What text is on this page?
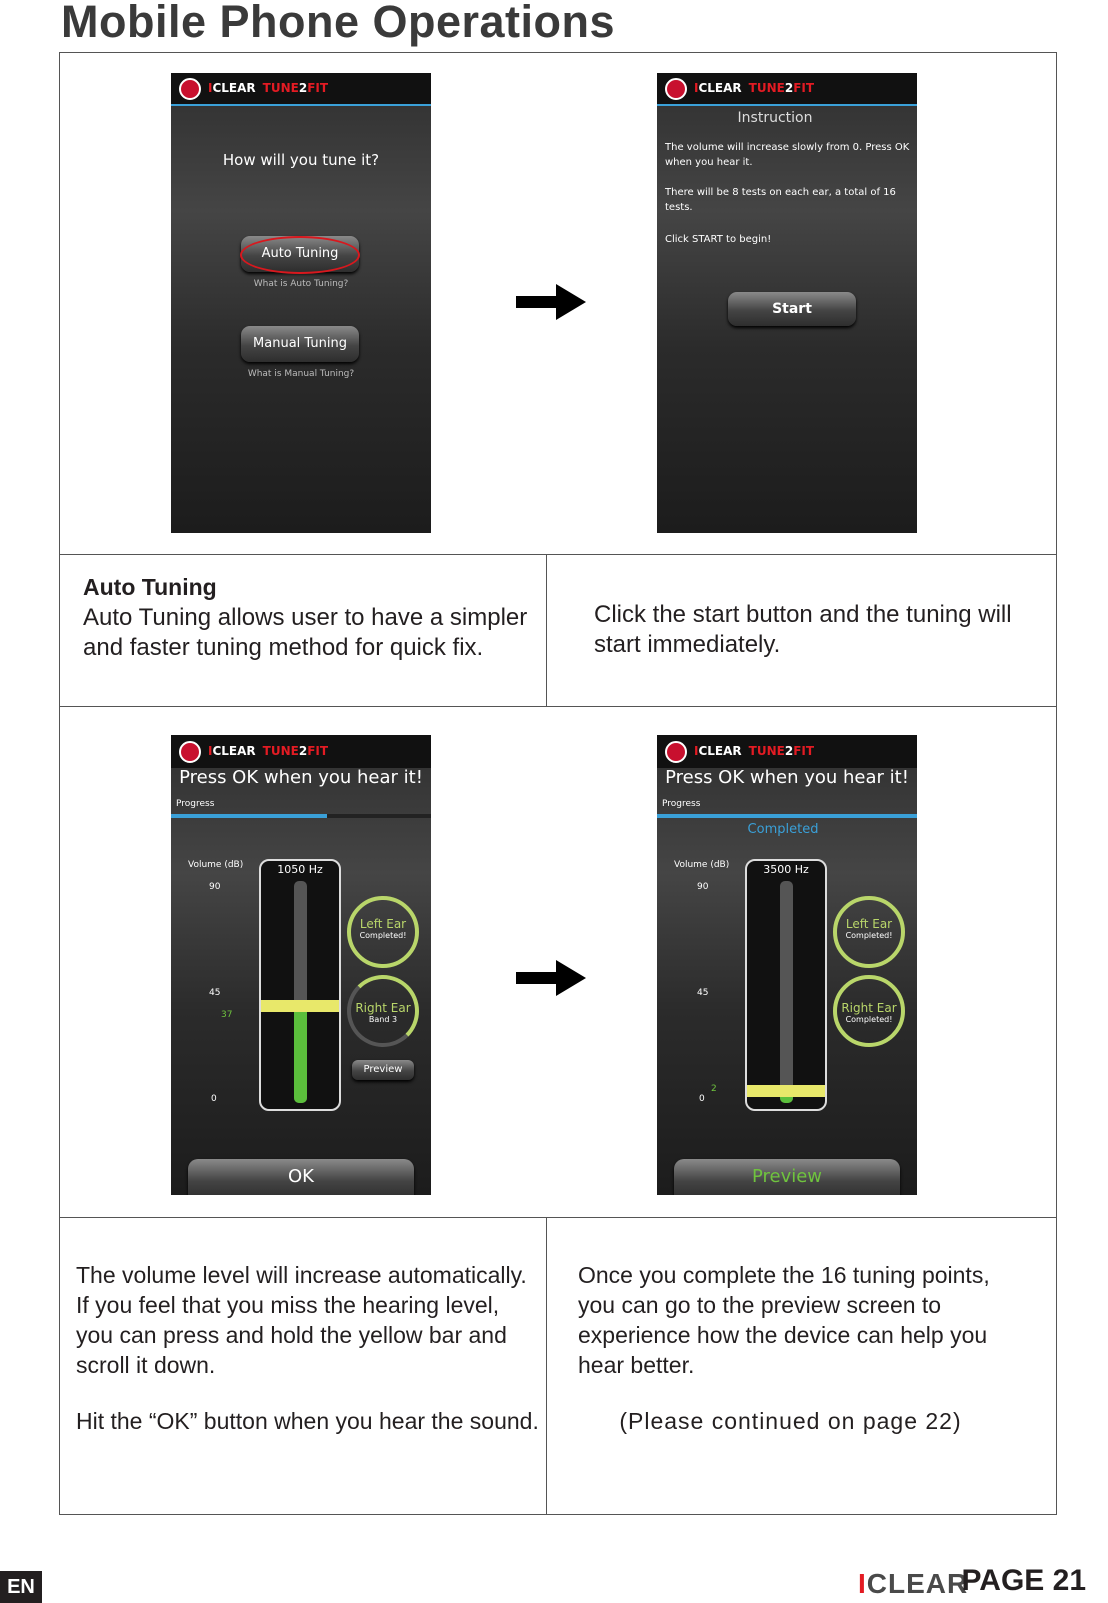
Mobile Phone Operations
ICLEAR TUNE2FIT
How will you tune it?
Auto Tuning
What is Auto Tuning?
Manual Tuning
What is Manual Tuning?
ICLEAR TUNE2FIT
Instruction
The volume will increase slowly from 0. Press OK when you hear it.
There will be 8 tests on each ear, a total of 16 tests.
Click START to begin!
Start
Auto Tuning
Auto Tuning allows user to have a simpler and faster tuning method for quick fix.
Click the start button and the tuning will start immediately.
ICLEAR TUNE2FIT
Press OK when you hear it!
Progress
Volume (dB)
90
45
37
0
1050 Hz
Left Ear
Completed!
Right Ear
Band 3
Preview
OK
ICLEAR TUNE2FIT
Press OK when you hear it!
Progress
Completed
Volume (dB)
90
45
2
0
3500 Hz
Left Ear
Completed!
Right Ear
Completed!
Preview
The volume level will increase automatically. If you feel that you miss the hearing level, you can press and hold the yellow bar and scroll it down.
Hit the “OK” button when you hear the sound.
Once you complete the 16 tuning points, you can go to the preview screen to experience how the device can help you hear better.
(Please continued on page 22)
EN	ICLEAR
PAGE 21
